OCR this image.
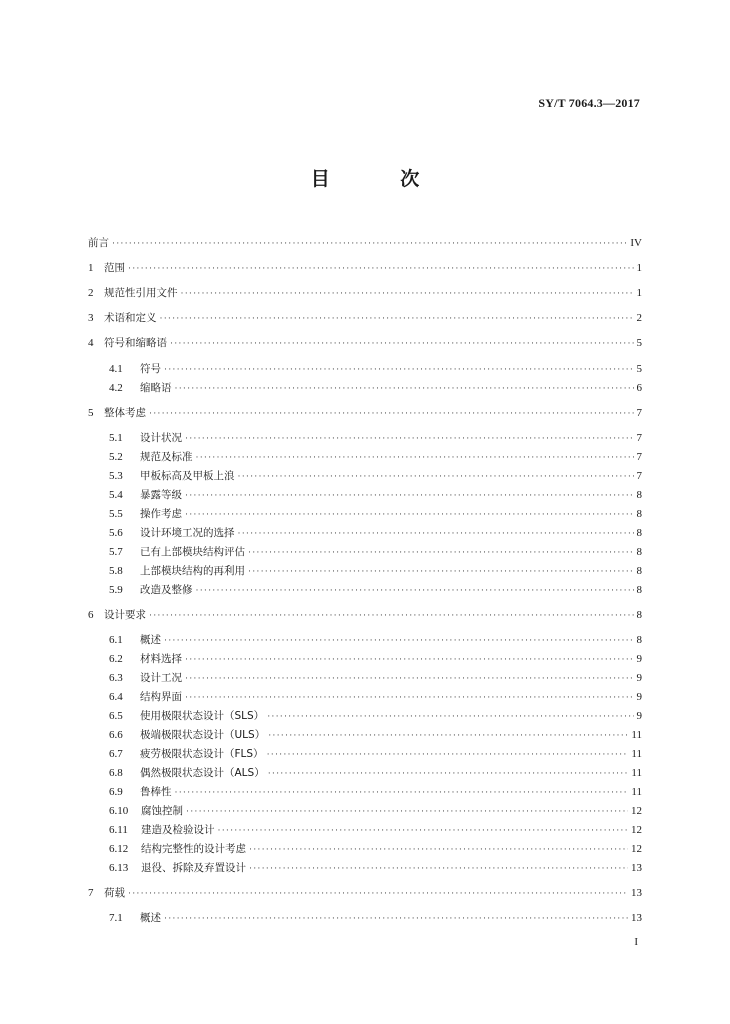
SY/T 7064.3—2017
目 次
前言 ·····	IV
1	范围 ·····	1
2	规范性引用文件 ·····	1
3	术语和定义 ·····	2
4	符号和缩略语 ·····	5
4.1	符号 ·····	5
4.2	缩略语 ·····	6
5	整体考虑 ·····	7
5.1	设计状况 ·····	7
5.2	规范及标准 ·····	7
5.3	甲板标高及甲板上浪 ·····	7
5.4	暴露等级 ·····	8
5.5	操作考虑 ·····	8
5.6	设计环境工况的选择 ·····	8
5.7	已有上部模块结构评估 ·····	8
5.8	上部模块结构的再利用 ·····	8
5.9	改造及整修 ·····	8
6	设计要求 ·····	8
6.1	概述 ·····	8
6.2	材料选择 ·····	9
6.3	设计工况 ·····	9
6.4	结构界面 ·····	9
6.5	使用极限状态设计（SLS） ·····	9
6.6	极端极限状态设计（ULS） ·····	11
6.7	疲劳极限状态设计（FLS） ·····	11
6.8	偶然极限状态设计（ALS） ·····	11
6.9	鲁棒性 ·····	11
6.10	腐蚀控制 ·····	12
6.11	建造及检验设计 ·····	12
6.12	结构完整性的设计考虑 ·····	12
6.13	退役、拆除及弃置设计 ·····	13
7	荷载 ·····	13
7.1	概述 ·····	13
I
